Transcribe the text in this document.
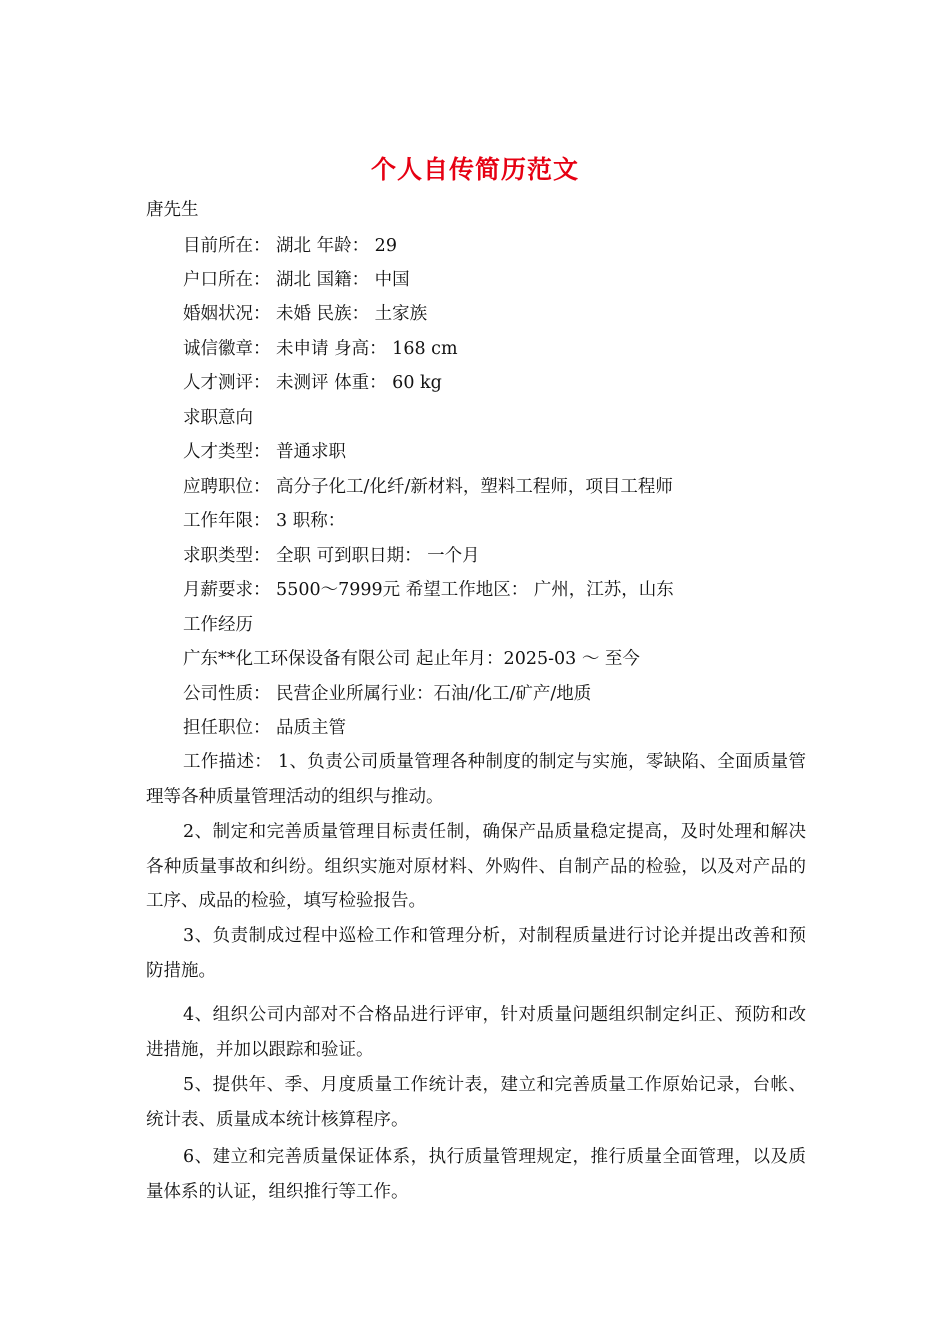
个人自传简历范文
唐先生
目前所在： 湖北 年龄： 29
户口所在： 湖北 国籍： 中国
婚姻状况： 未婚 民族： 土家族
诚信徽章： 未申请 身高： 168 cm
人才测评： 未测评 体重： 60 kg
求职意向
人才类型： 普通求职
应聘职位： 高分子化工/化纤/新材料，塑料工程师，项目工程师
工作年限： 3 职称：
求职类型： 全职 可到职日期： 一个月
月薪要求： 5500～7999元 希望工作地区： 广州，江苏，山东
工作经历
广东**化工环保设备有限公司 起止年月：2025-03 ～ 至今
公司性质： 民营企业所属行业：石油/化工/矿产/地质
担任职位： 品质主管
工作描述： 1、负责公司质量管理各种制度的制定与实施，零缺陷、全面质量管理等各种质量管理活动的组织与推动。
2、制定和完善质量管理目标责任制，确保产品质量稳定提高，及时处理和解决各种质量事故和纠纷。组织实施对原材料、外购件、自制产品的检验，以及对产品的工序、成品的检验，填写检验报告。
3、负责制成过程中巡检工作和管理分析，对制程质量进行讨论并提出改善和预防措施。
4、组织公司内部对不合格品进行评审，针对质量问题组织制定纠正、预防和改进措施，并加以跟踪和验证。
5、提供年、季、月度质量工作统计表，建立和完善质量工作原始记录，台帐、统计表、质量成本统计核算程序。
6、建立和完善质量保证体系，执行质量管理规定，推行质量全面管理，以及质量体系的认证，组织推行等工作。
